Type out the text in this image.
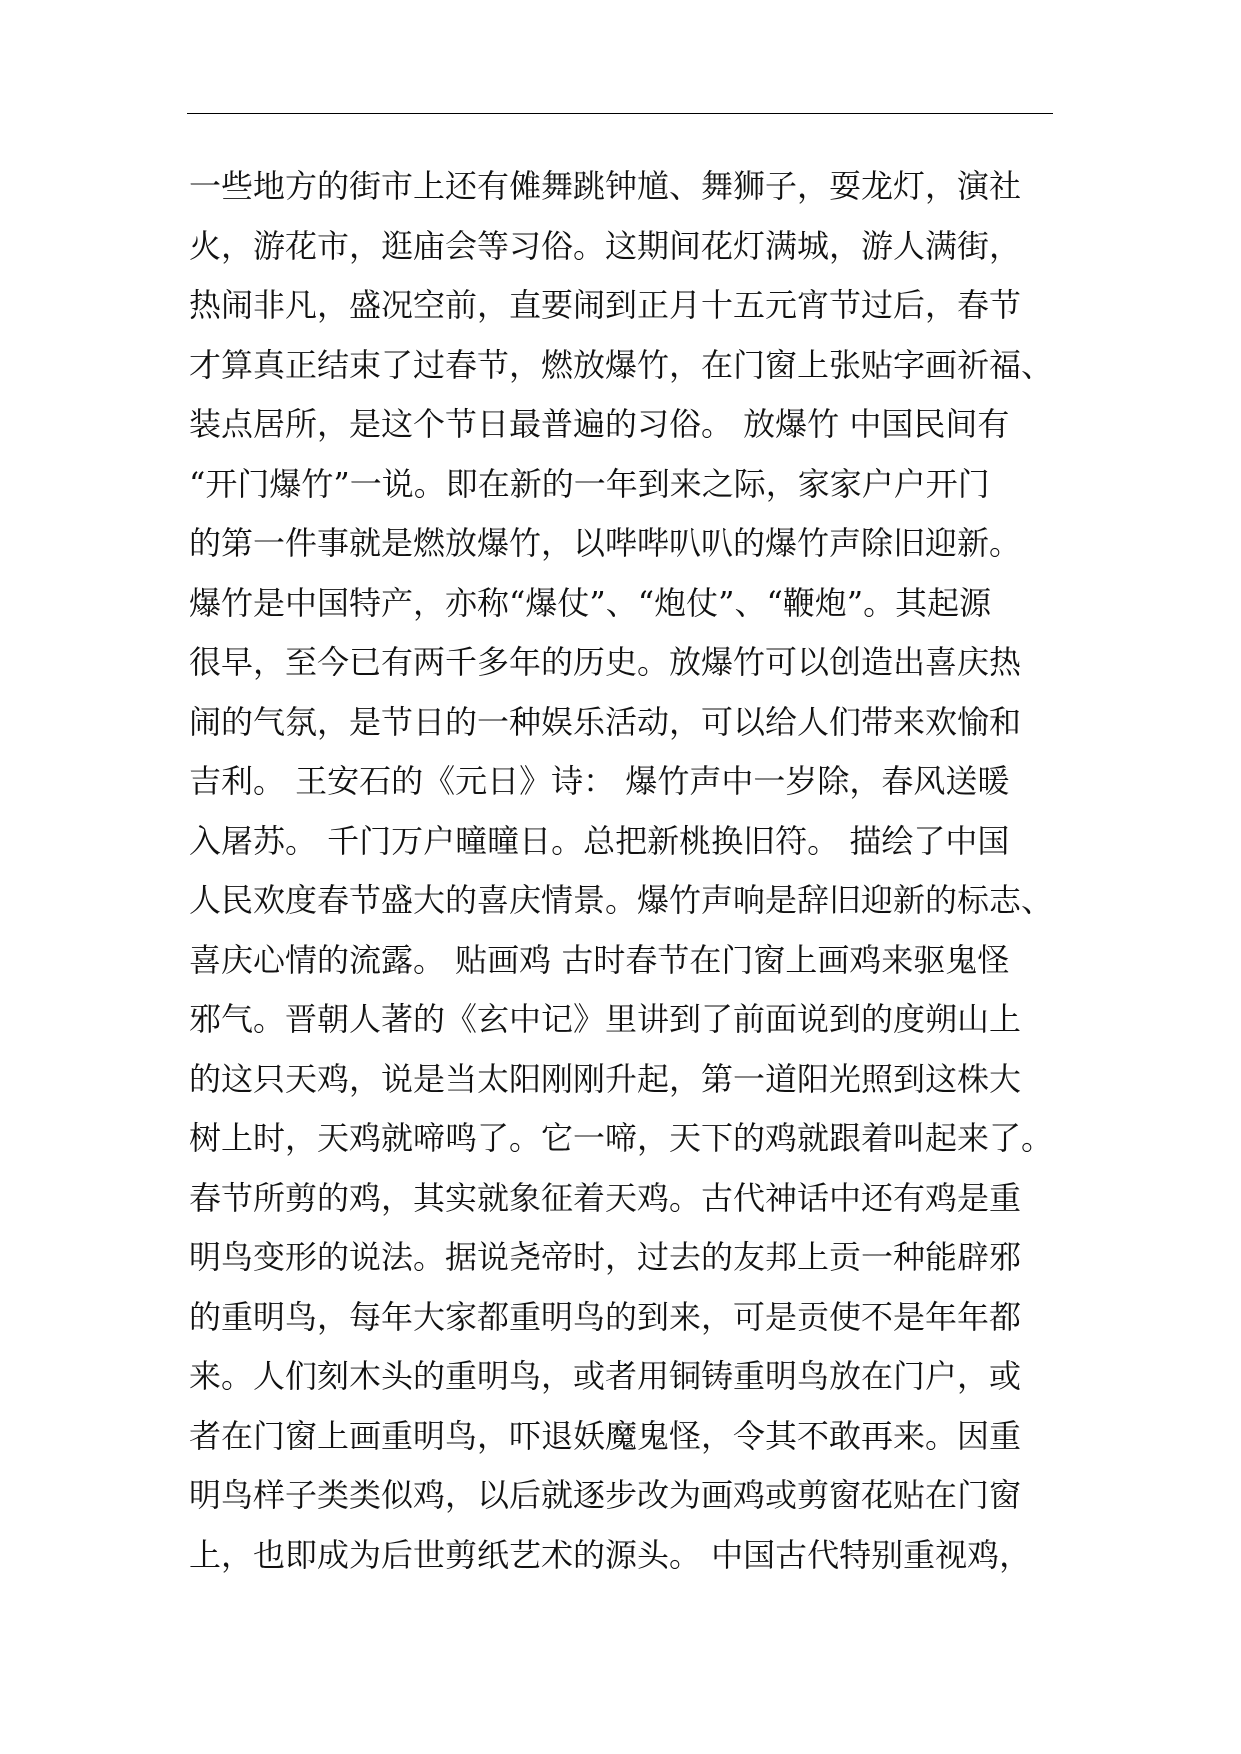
一些地方的街市上还有傩舞跳钟馗、舞狮子，耍龙灯，演社
火，游花市，逛庙会等习俗。这期间花灯满城，游人满街，
热闹非凡，盛况空前，直要闹到正月十五元宵节过后，春节
才算真正结束了过春节，燃放爆竹，在门窗上张贴字画祈福、
装点居所，是这个节日最普遍的习俗。 放爆竹 中国民间有
“开门爆竹”一说。即在新的一年到来之际，家家户户开门
的第一件事就是燃放爆竹，以哔哔叭叭的爆竹声除旧迎新。
爆竹是中国特产，亦称“爆仗”、“炮仗”、“鞭炮”。其起源
很早，至今已有两千多年的历史。放爆竹可以创造出喜庆热
闹的气氛，是节日的一种娱乐活动，可以给人们带来欢愉和
吉利。 王安石的《元日》诗： 爆竹声中一岁除，春风送暖
入屠苏。 千门万户曈曈日。总把新桃换旧符。 描绘了中国
人民欢度春节盛大的喜庆情景。爆竹声响是辞旧迎新的标志、
喜庆心情的流露。 贴画鸡 古时春节在门窗上画鸡来驱鬼怪
邪气。晋朝人著的《玄中记》里讲到了前面说到的度朔山上
的这只天鸡，说是当太阳刚刚升起，第一道阳光照到这株大
树上时，天鸡就啼鸣了。它一啼，天下的鸡就跟着叫起来了。
春节所剪的鸡，其实就象征着天鸡。古代神话中还有鸡是重
明鸟变形的说法。据说尧帝时，过去的友邦上贡一种能辟邪
的重明鸟，每年大家都重明鸟的到来，可是贡使不是年年都
来。人们刻木头的重明鸟，或者用铜铸重明鸟放在门户，或
者在门窗上画重明鸟，吓退妖魔鬼怪，令其不敢再来。因重
明鸟样子类类似鸡，以后就逐步改为画鸡或剪窗花贴在门窗
上，也即成为后世剪纸艺术的源头。 中国古代特别重视鸡，
